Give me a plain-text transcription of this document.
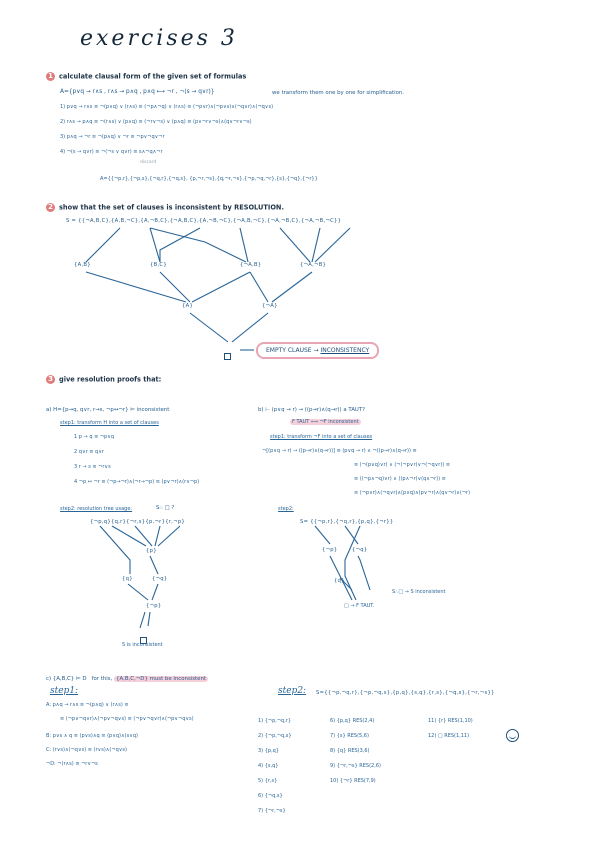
exercises 3
1 calculate clausal form of the given set of formulas
A={p∨q → r∧s , r∧s → p∧q , p∧q ⟷ ¬r , ¬(s → q∨r)}	we transform them one by one for simplification.
1) p∨q → r∧s ≡ ¬(p∨q) ∨ (r∧s) ≡ (¬p∧¬q) ∨ (r∧s) ≡ (¬p∨r)∧(¬p∨s)∧(¬q∨r)∧(¬q∨s)
2) r∧s → p∧q ≡ ¬(r∧s) ∨ (p∧q) ≡ (¬r∨¬s) ∨ (p∧q) ≡ (p∨¬r∨¬s)∧(q∨¬r∨¬s)
3) p∧q → ¬r ≡ ¬(p∧q) ∨ ¬r ≡ ¬p∨¬q∨¬r
4) ¬(s → q∨r) ≡ ¬(¬s ∨ q∨r) ≡ s∧¬q∧¬r
discard
A={{¬p,r},{¬p,s},{¬q,r},{¬q,s}, {p,¬r,¬s},{q,¬r,¬s},{¬p,¬q,¬r},{s},{¬q},{¬r}}
2 show that the set of clauses is inconsistent by RESOLUTION.
S = {{¬A,B,C},{A,B,¬C},{A,¬B,C},{¬A,B,C},{A,¬B,¬C},{¬A,B,¬C},{¬A,¬B,C},{¬A,¬B,¬C}}
{A,B}	{B,C}	{¬A,B}	{¬A,¬B}
{A}	{¬A}
EMPTY CLAUSE → INCONSISTENCY
3 give resolution proofs that:
a) H={p→q, q∨r, r→s, ¬p↔¬r} ⊨ inconsistent
step1: transform H into a set of clauses
1 p → q ≡ ¬p∨q
2 q∨r ≡ q∨r
3 r → s ≡ ¬r∨s
4 ¬p ↔ ¬r ≡ (¬p→¬r)∧(¬r→¬p) ≡ (p∨¬r)∧(r∨¬p)
step2: resolution tree usage:	S∴ □ ?
{¬p,q}{q,r}{¬r,s}{p,¬r}{r,¬p}
{p}
{q}	{¬q}
{¬p}
S is inconsistent
b) ⊢ (p∨q → r) → ((p→r)∧(q→r)) a TAUT?
F TAUT ⟺ ¬F inconsistent
step1: transform ¬F into a set of clauses
¬[(p∨q → r) → ((p→r)∧(q→r))] ≡ (p∨q → r) ∧ ¬((p→r)∧(q→r)) ≡
≡ (¬(p∨q)∨r) ∧ (¬(¬p∨r)∨¬(¬q∨r)) ≡
≡ ((¬p∧¬q)∨r) ∧ ((p∧¬r)∨(q∧¬r)) ≡
≡ (¬p∨r)∧(¬q∨r)∧(p∨q)∧(p∨¬r)∧(q∨¬r)∧(¬r)
step2:
S= {{¬p,r},{¬q,r},{p,q},{¬r}}
{¬p}	{¬q}
{q}
S∴□ → S inconsistent
□ → F TAUT.
c) {A,B,C} ⊨ D for this, {A,B,C,¬D} must be inconsistent
step1:
A: p∧q → r∧s ≡ ¬(p∧q) ∨ (r∧s) ≡
≡ (¬p∨¬q∨r)∧(¬p∨¬q∨s) ≡ (¬p∨¬q∨r)∧(¬p∨¬q∨s)
B: p∨s ∧ q ≡ (p∨s)∧q ≡ (p∨q)∧(s∨q)
C: (r∨s)∧(¬q∨s) ≡ (r∨s)∧(¬q∨s)
¬D: ¬(r∧s) ≡ ¬r∨¬s
step2: S={{¬p,¬q,r},{¬p,¬q,s},{p,q},{s,q},{r,s},{¬q,s},{¬r,¬s}}
1) {¬p,¬q,r}	6) {p,q} RES(2,4)	11) {r} RES(1,10)
2) {¬p,¬q,s}	7) {s} RES(5,6)	12) □ RES(1,11)
3) {p,q}	8) {q} RES(3,6)
4) {s,q}	9) {¬r,¬s} RES(2,6)
5) {r,s}	10) {¬r} RES(7,9)
6) {¬q,s}
7) {¬r,¬s}
